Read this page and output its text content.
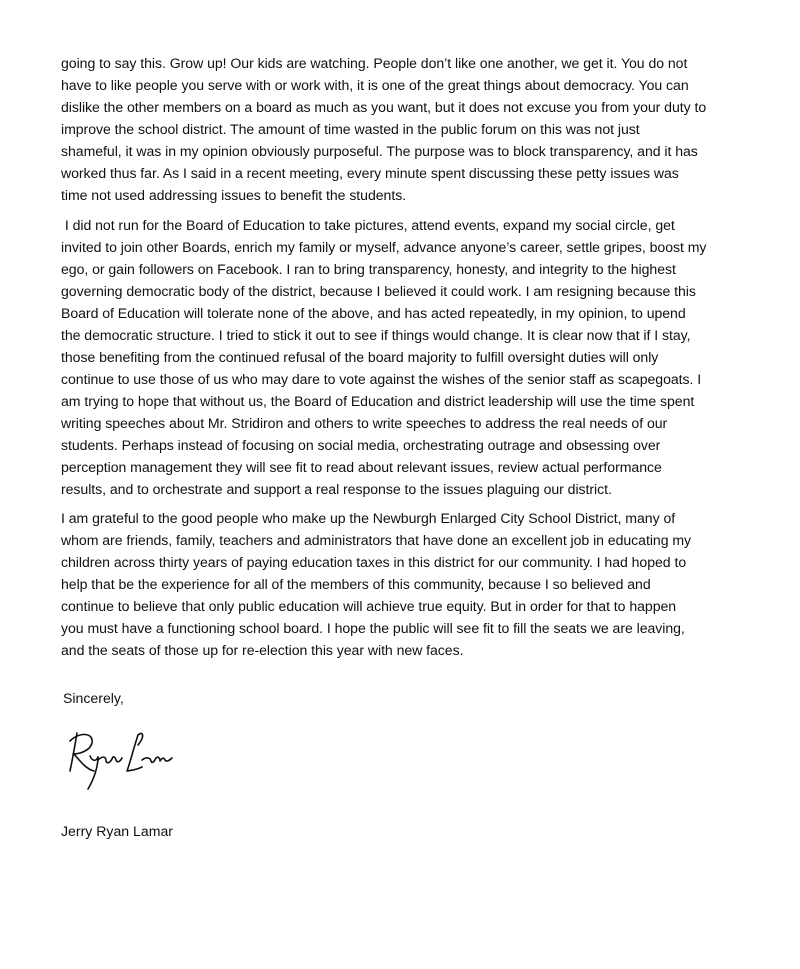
going to say this. Grow up! Our kids are watching. People don’t like one another, we get it. You do not

have to like people you serve with or work with, it is one of the great things about democracy. You can

dislike the other members on a board as much as you want, but it does not excuse you from your duty to

improve the school district. The amount of time wasted in the public forum on this was not just

shameful, it was in my opinion obviously purposeful. The purpose was to block transparency, and it has

worked thus far. As I said in a recent meeting, every minute spent discussing these petty issues was

time not used addressing issues to benefit the students.

I did not run for the Board of Education to take pictures, attend events, expand my social circle, get

invited to join other Boards, enrich my family or myself, advance anyone’s career, settle gripes, boost my

ego, or gain followers on Facebook. I ran to bring transparency, honesty, and integrity to the highest

governing democratic body of the district, because I believed it could work. I am resigning because this

Board of Education will tolerate none of the above, and has acted repeatedly, in my opinion, to upend

the democratic structure. I tried to stick it out to see if things would change. It is clear now that if I stay,

those benefiting from the continued refusal of the board majority to fulfill oversight duties will only

continue to use those of us who may dare to vote against the wishes of the senior staff as scapegoats. I

am trying to hope that without us, the Board of Education and district leadership will use the time spent

writing speeches about Mr. Stridiron and others to write speeches to address the real needs of our

students. Perhaps instead of focusing on social media, orchestrating outrage and obsessing over

perception management they will see fit to read about relevant issues, review actual performance

results, and to orchestrate and support a real response to the issues plaguing our district.

I am grateful to the good people who make up the Newburgh Enlarged City School District, many of

whom are friends, family, teachers and administrators that have done an excellent job in educating my

children across thirty years of paying education taxes in this district for our community. I had hoped to

help that be the experience for all of the members of this community, because I so believed and

continue to believe that only public education will achieve true equity. But in order for that to happen

you must have a functioning school board. I hope the public will see fit to fill the seats we are leaving,

and the seats of those up for re-election this year with new faces.

Sincerely,

Jerry Ryan Lamar
